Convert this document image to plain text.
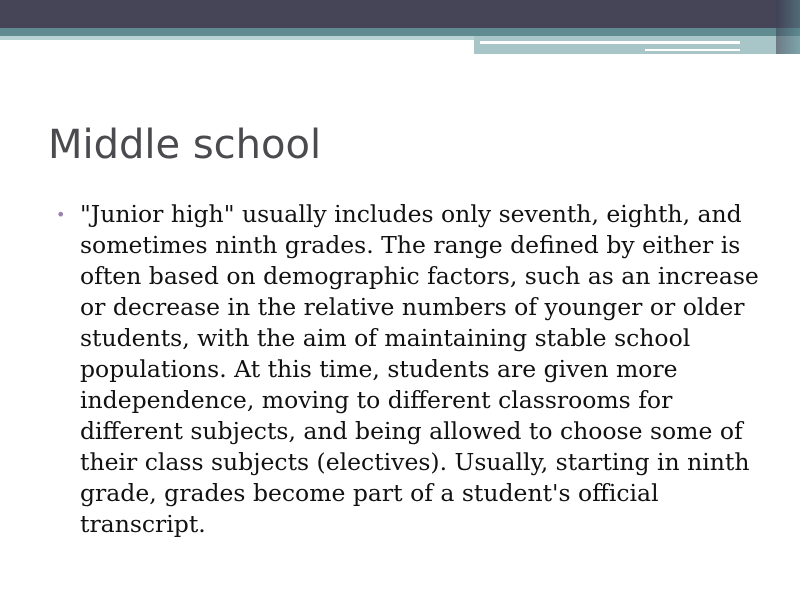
Middle school
• "Junior high" usually includes only seventh, eighth, and sometimes ninth grades. The range defined by either is often based on demographic factors, such as an increase or decrease in the relative numbers of younger or older students, with the aim of maintaining stable school populations. At this time, students are given more independence, moving to different classrooms for different subjects, and being allowed to choose some of their class subjects (electives). Usually, starting in ninth grade, grades become part of a student's official transcript.
